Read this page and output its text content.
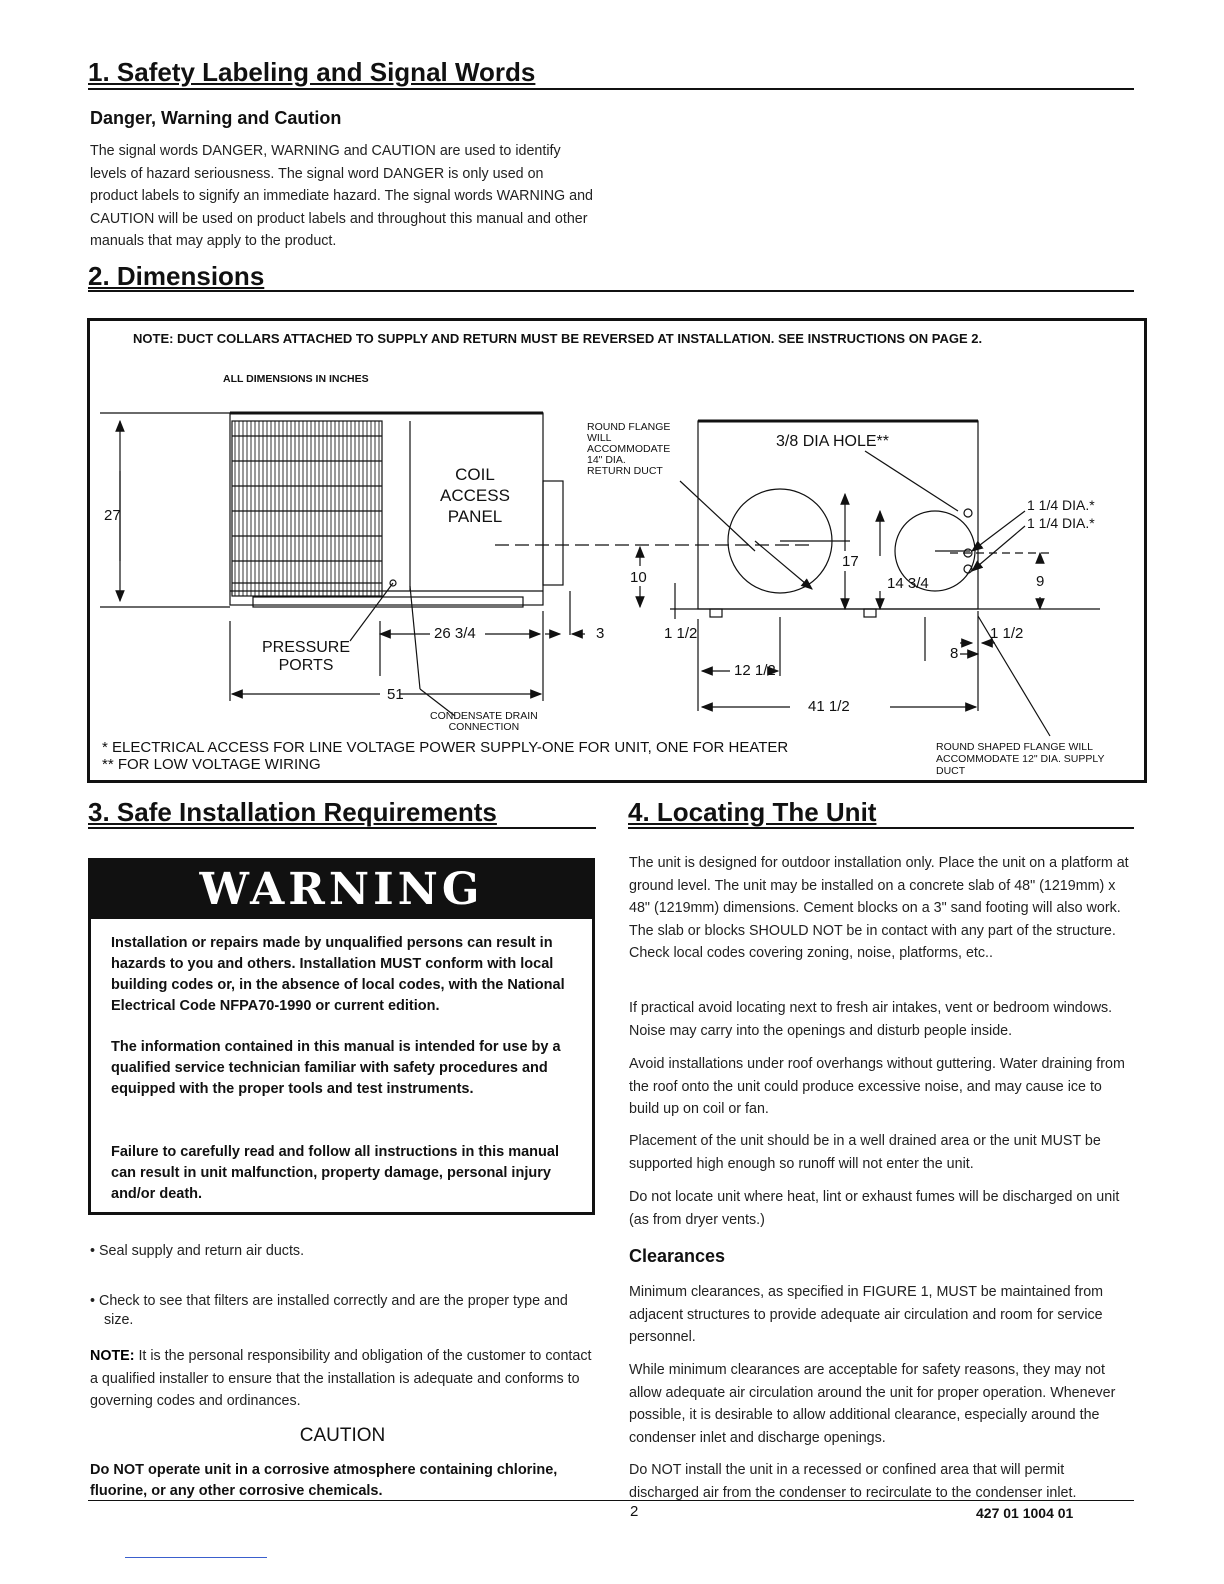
1. Safety Labeling and Signal Words
Danger, Warning and Caution

The signal words DANGER, WARNING and CAUTION are used to identify levels of hazard seriousness. The signal word DANGER is only used on product labels to signify an immediate hazard. The signal words WARNING and CAUTION will be used on product labels and throughout this manual and other manuals that may apply to the product.

2. Dimensions
NOTE: DUCT COLLARS ATTACHED TO SUPPLY AND RETURN MUST BE REVERSED AT INSTALLATION. SEE INSTRUCTIONS ON PAGE 2.
ALL DIMENSIONS IN INCHES
27
COIL
ACCESS
PANEL
ROUND FLANGE
WILL
ACCOMMODATE
14" DIA.
RETURN DUCT
3/8 DIA HOLE**
1 1/4 DIA.*
1 1/4 DIA.*
10
17
14 3/4	9
26 3/4	3	1 1/2	1 1/2
8
PRESSURE
PORTS
51
12 1/2
41 1/2
CONDENSATE DRAIN
CONNECTION
* ELECTRICAL ACCESS FOR LINE VOLTAGE POWER SUPPLY-ONE FOR UNIT, ONE FOR HEATER
** FOR LOW VOLTAGE WIRING
ROUND SHAPED FLANGE WILL ACCOMMODATE 12" DIA. SUPPLY DUCT
3. Safe Installation Requirements
WARNING

Installation or repairs made by unqualified persons can result in hazards to you and others. Installation MUST conform with local building codes or, in the absence of local codes, with the National Electrical Code NFPA70-1990 or current edition.

The information contained in this manual is intended for use by a qualified service technician familiar with safety procedures and equipped with the proper tools and test instruments.

Failure to carefully read and follow all instructions in this manual can result in unit malfunction, property damage, personal injury and/or death.

• Seal supply and return air ducts.
• Check to see that filters are installed correctly and are the proper type and size.

NOTE: It is the personal responsibility and obligation of the customer to contact a qualified installer to ensure that the installation is adequate and conforms to governing codes and ordinances.

CAUTION

Do NOT operate unit in a corrosive atmosphere containing chlorine, fluorine, or any other corrosive chemicals.

4. Locating The Unit

The unit is designed for outdoor installation only. Place the unit on a platform at ground level. The unit may be installed on a concrete slab of 48" (1219mm) x 48" (1219mm) dimensions. Cement blocks on a 3" sand footing will also work. The slab or blocks SHOULD NOT be in contact with any part of the structure. Check local codes covering zoning, noise, platforms, etc..

If practical avoid locating next to fresh air intakes, vent or bedroom windows. Noise may carry into the openings and disturb people inside.

Avoid installations under roof overhangs without guttering. Water draining from the roof onto the unit could produce excessive noise, and may cause ice to build up on coil or fan.

Placement of the unit should be in a well drained area or the unit MUST be supported high enough so runoff will not enter the unit.

Do not locate unit where heat, lint or exhaust fumes will be discharged on unit (as from dryer vents.)

Clearances

Minimum clearances, as specified in FIGURE 1, MUST be maintained from adjacent structures to provide adequate air circulation and room for service personnel.

While minimum clearances are acceptable for safety reasons, they may not allow adequate air circulation around the unit for proper operation. Whenever possible, it is desirable to allow additional clearance, especially around the condenser inlet and discharge openings.

Do NOT install the unit in a recessed or confined area that will permit discharged air from the condenser to recirculate to the condenser inlet.

2	427 01 1004 01
